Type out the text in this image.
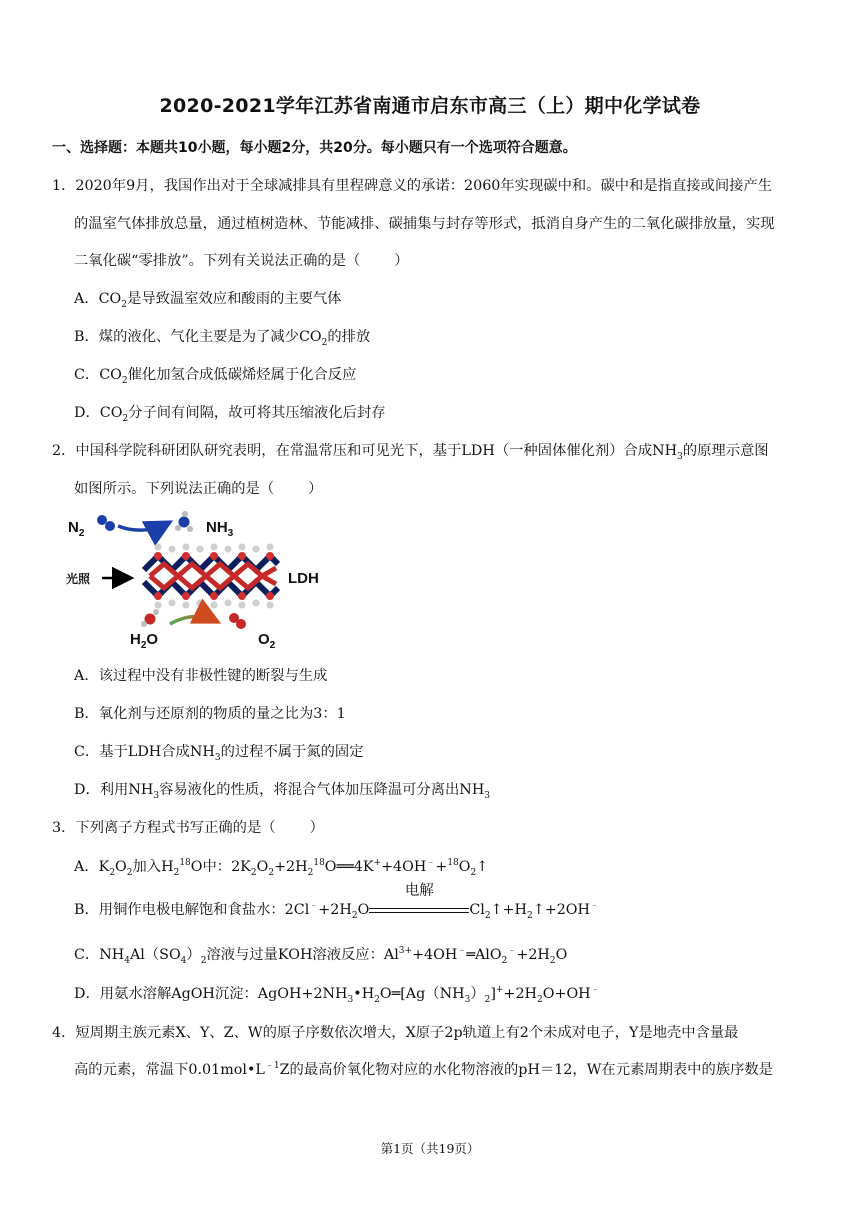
2020-2021学年江苏省南通市启东市高三（上）期中化学试卷
一、选择题：本题共10小题，每小题2分，共20分。每小题只有一个选项符合题意。
1．2020年9月，我国作出对于全球减排具有里程碑意义的承诺：2060年实现碳中和。碳中和是指直接或间接产生
的温室气体排放总量，通过植树造林、节能减排、碳捕集与封存等形式，抵消自身产生的二氧化碳排放量，实现
二氧化碳“零排放”。下列有关说法正确的是（ ）
A．$CO_2$是导致温室效应和酸雨的主要气体
B．煤的液化、气化主要是为了减少$CO_2$的排放
C．$CO_2$催化加氢合成低碳烯烃属于化合反应
D．$CO_2$分子间有间隔，故可将其压缩液化后封存
2．中国科学院科研团队研究表明，在常温常压和可见光下，基于LDH（一种固体催化剂）合成$NH_3$的原理示意图
如图所示。下列说法正确的是（ ）
$N_2$	$NH_3$
光照	LDH
$H_2O$	$O_2$
A．该过程中没有非极性键的断裂与生成
B．氧化剂与还原剂的物质的量之比为3：1
C．基于LDH合成$NH_3$的过程不属于氮的固定
D．利用$NH_3$容易液化的性质，将混合气体加压降温可分离出$NH_3$
3．下列离子方程式书写正确的是（ ）
A．$K_2O_2$加入$H_2^{18}O$中：$2K_2O_2+2H_2^{18}O══4K^++4OH^﹣+^{18}O_2↑$
B．用铜作电极电解饱和食盐水：$2Cl^﹣+2H_2O$
电解
$Cl_2↑+H_2↑+2OH^﹣$
C．$NH_4Al(SO_4)_2$溶液与过量KOH溶液反应：$Al^{3+}+4OH^﹣═AlO_2^﹣+2H_2O$
D．用氨水溶解AgOH沉淀：$AgOH+2NH_3•H_2O═[Ag(NH_3)_2]^++2H_2O+OH^﹣$
4．短周期主族元素X、Y、Z、W的原子序数依次增大，X原子2p轨道上有2个未成对电子，Y是地壳中含量最
高的元素，常温下$0.01mol•L^{﹣1}Z$的最高价氧化物对应的水化物溶液的pH＝12，W在元素周期表中的族序数是
第1页（共19页）
